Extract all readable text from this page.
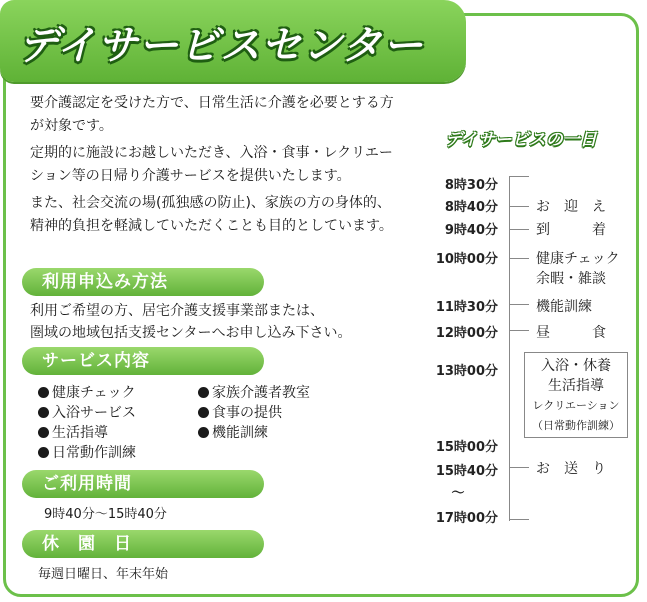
デイサービスセンター

要介護認定を受けた方で、日常生活に介護を必要とする方が対象です。

定期的に施設にお越しいただき、入浴・食事・レクリエーション等の日帰り介護サービスを提供いたします。

また、社会交流の場(孤独感の防止)、家族の方の身体的、精神的負担を軽減していただくことも目的としています。

利用申込み方法
利用ご希望の方、居宅介護支援事業部または、
圏域の地域包括支援センターへお申し込み下さい。
サービス内容
健康チェック
入浴サービス
生活指導
日常動作訓練
家族介護者教室
食事の提供
機能訓練
ご利用時間
9時40分～15時40分
休　園　日
毎週日曜日、年末年始
デイサービスの一日
8時30分
8時40分
9時40分
10時00分
11時30分
12時00分
13時00分
15時00分
15時40分
～
17時00分
お　迎　え
到　　　着
健康チェック
余暇・雑談
機能訓練
昼　　　食
入浴・休養
生活指導
レクリエーション
（日常動作訓練）
お　送　り
